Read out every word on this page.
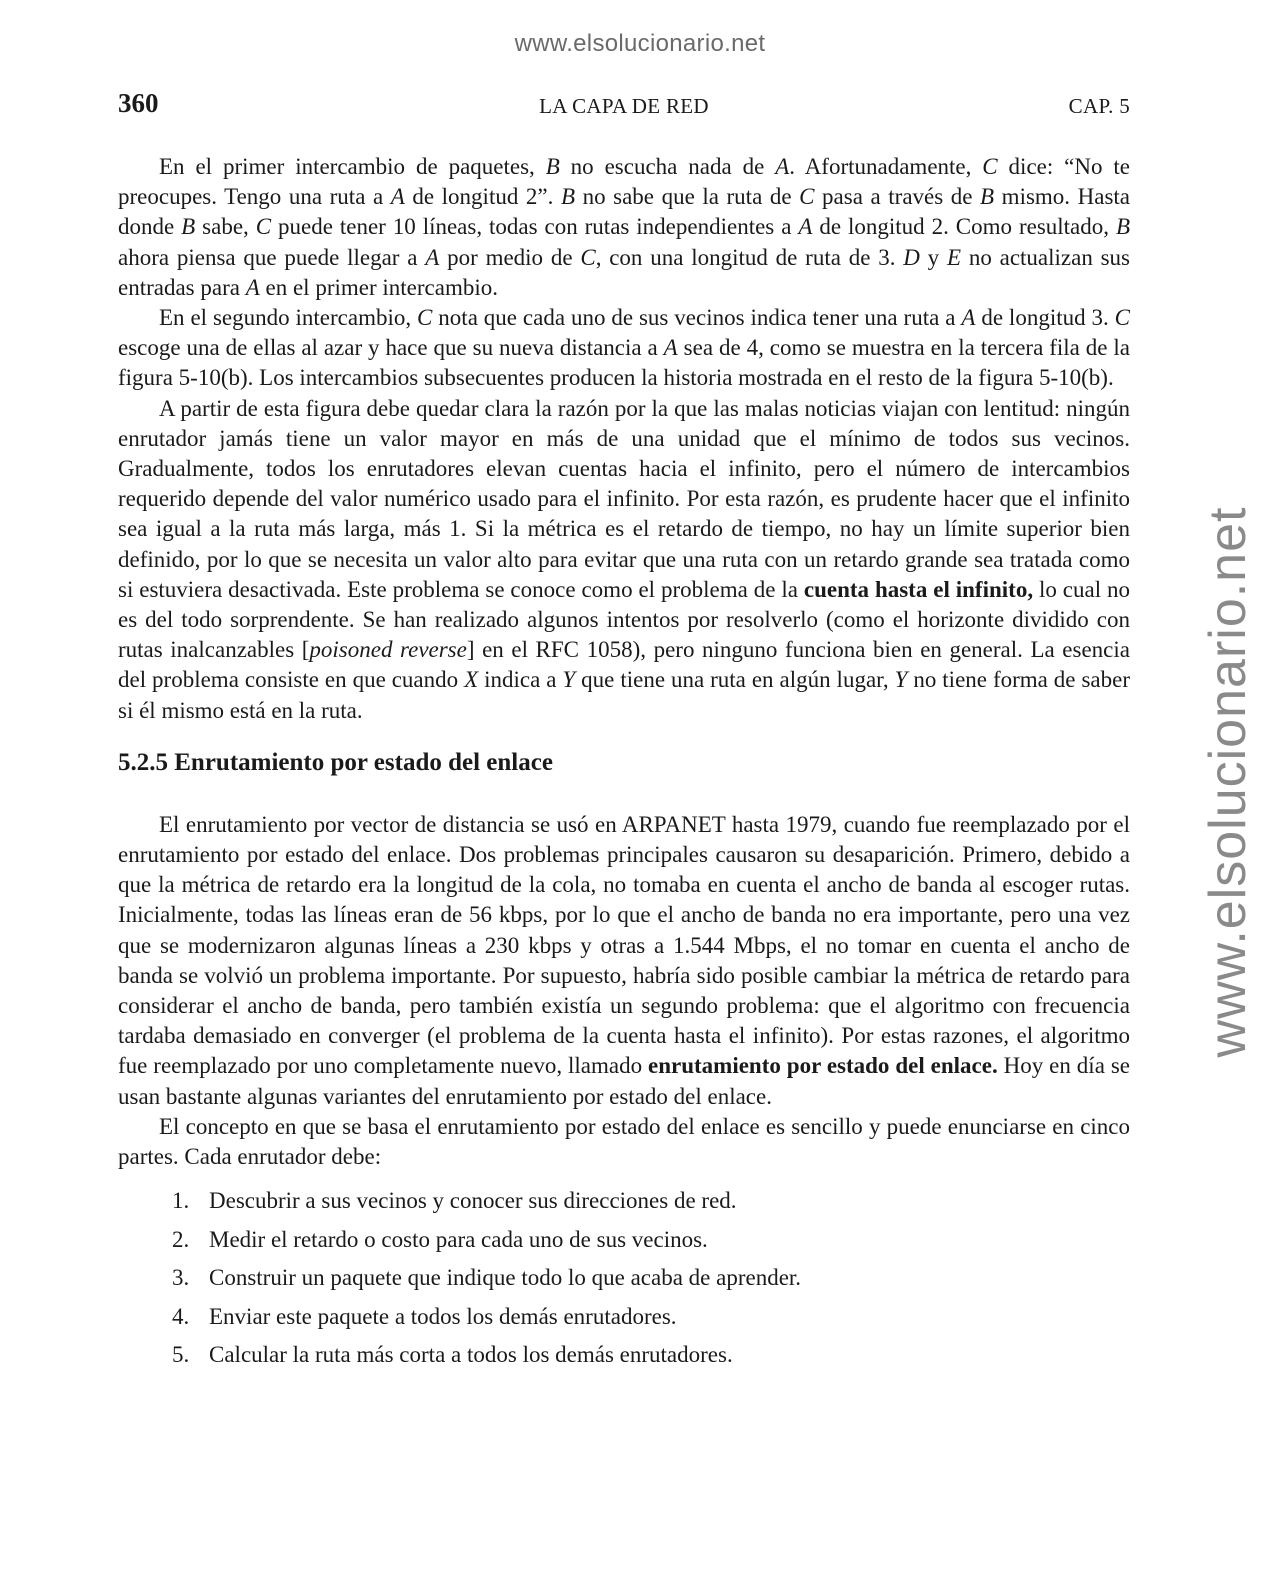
www.elsolucionario.net
www.elsolucionario.net
360	LA CAPA DE RED	CAP. 5

En el primer intercambio de paquetes, B no escucha nada de A. Afortunadamente, C dice: “No te preocupes. Tengo una ruta a A de longitud 2”. B no sabe que la ruta de C pasa a través de B mismo. Hasta donde B sabe, C puede tener 10 líneas, todas con rutas independientes a A de longitud 2. Como resultado, B ahora piensa que puede llegar a A por medio de C, con una longitud de ruta de 3. D y E no actualizan sus entradas para A en el primer intercambio.

En el segundo intercambio, C nota que cada uno de sus vecinos indica tener una ruta a A de longitud 3. C escoge una de ellas al azar y hace que su nueva distancia a A sea de 4, como se muestra en la tercera fila de la figura 5-10(b). Los intercambios subsecuentes producen la historia mostrada en el resto de la figura 5-10(b).

A partir de esta figura debe quedar clara la razón por la que las malas noticias viajan con lentitud: ningún enrutador jamás tiene un valor mayor en más de una unidad que el mínimo de todos sus vecinos. Gradualmente, todos los enrutadores elevan cuentas hacia el infinito, pero el número de intercambios requerido depende del valor numérico usado para el infinito. Por esta razón, es prudente hacer que el infinito sea igual a la ruta más larga, más 1. Si la métrica es el retardo de tiempo, no hay un límite superior bien definido, por lo que se necesita un valor alto para evitar que una ruta con un retardo grande sea tratada como si estuviera desactivada. Este problema se conoce como el problema de la cuenta hasta el infinito, lo cual no es del todo sorprendente. Se han realizado algunos intentos por resolverlo (como el horizonte dividido con rutas inalcanzables [poisoned reverse] en el RFC 1058), pero ninguno funciona bien en general. La esencia del problema consiste en que cuando X indica a Y que tiene una ruta en algún lugar, Y no tiene forma de saber si él mismo está en la ruta.

5.2.5 Enrutamiento por estado del enlace

El enrutamiento por vector de distancia se usó en ARPANET hasta 1979, cuando fue reemplazado por el enrutamiento por estado del enlace. Dos problemas principales causaron su desaparición. Primero, debido a que la métrica de retardo era la longitud de la cola, no tomaba en cuenta el ancho de banda al escoger rutas. Inicialmente, todas las líneas eran de 56 kbps, por lo que el ancho de banda no era importante, pero una vez que se modernizaron algunas líneas a 230 kbps y otras a 1.544 Mbps, el no tomar en cuenta el ancho de banda se volvió un problema importante. Por supuesto, habría sido posible cambiar la métrica de retardo para considerar el ancho de banda, pero también existía un segundo problema: que el algoritmo con frecuencia tardaba demasiado en converger (el problema de la cuenta hasta el infinito). Por estas razones, el algoritmo fue reemplazado por uno completamente nuevo, llamado enrutamiento por estado del enlace. Hoy en día se usan bastante algunas variantes del enrutamiento por estado del enlace.

El concepto en que se basa el enrutamiento por estado del enlace es sencillo y puede enunciarse en cinco partes. Cada enrutador debe:

1. Descubrir a sus vecinos y conocer sus direcciones de red.
2. Medir el retardo o costo para cada uno de sus vecinos.
3. Construir un paquete que indique todo lo que acaba de aprender.
4. Enviar este paquete a todos los demás enrutadores.
5. Calcular la ruta más corta a todos los demás enrutadores.
